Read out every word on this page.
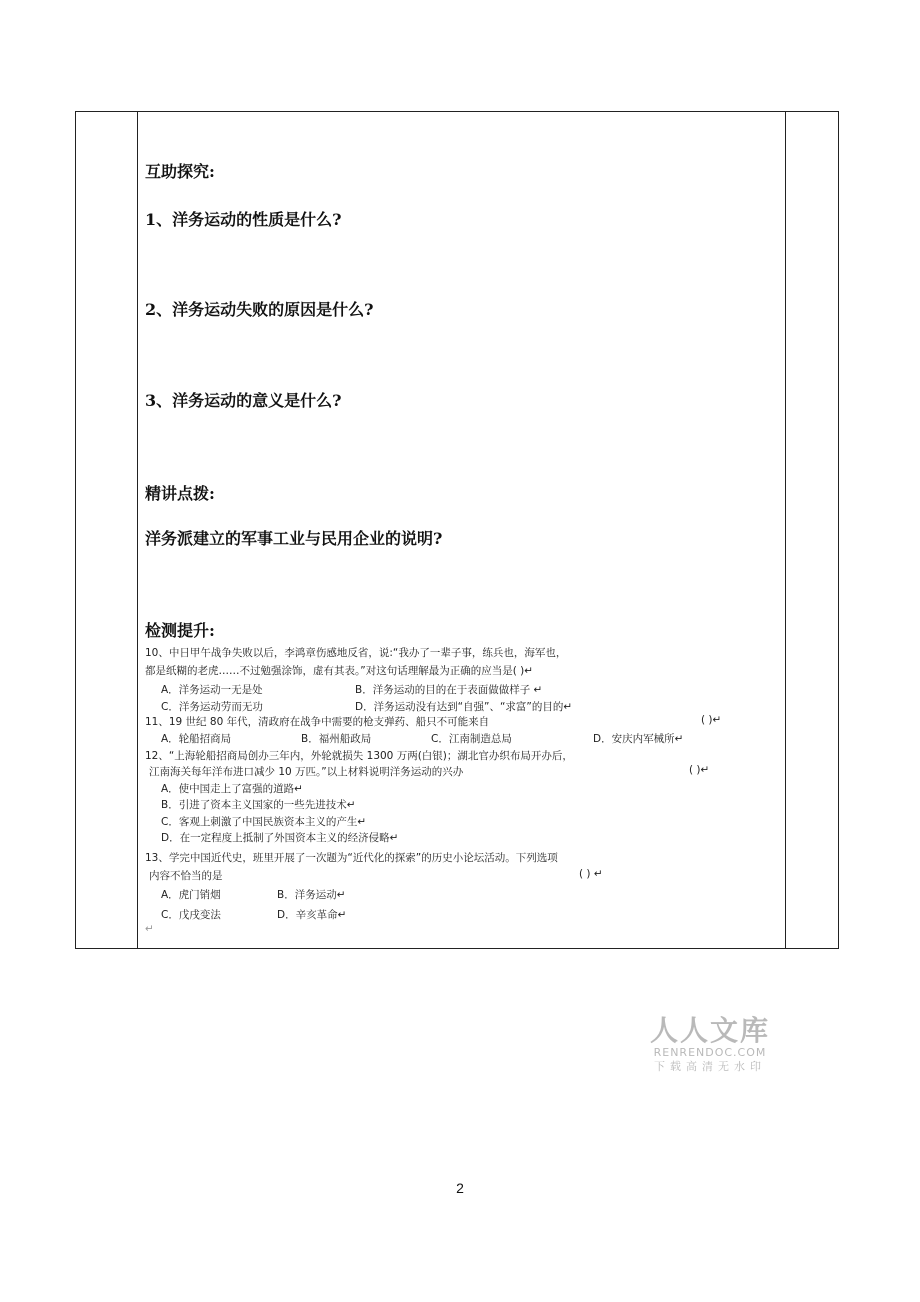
互助探究:
1、洋务运动的性质是什么?
2、洋务运动失败的原因是什么?
3、洋务运动的意义是什么?
精讲点拨:
洋务派建立的军事工业与民用企业的说明?
检测提升:
10、中日甲午战争失败以后，李鸿章伤感地反省，说:“我办了一辈子事，练兵也，海军也，
都是纸糊的老虎……不过勉强涂饰，虚有其表。”对这句话理解最为正确的应当是( )↵
A．洋务运动一无是处	B．洋务运动的目的在于表面做做样子 ↵
C．洋务运动劳而无功	D．洋务运动没有达到“自强”、“求富”的目的↵
11、19 世纪 80 年代，清政府在战争中需要的枪支弹药、船只不可能来自	( )↵
A．轮船招商局	B．福州船政局	C．江南制造总局	D．安庆内军械所↵
12、“上海轮船招商局创办三年内，外轮就损失 1300 万两(白银)；湖北官办织布局开办后，
江南海关每年洋布进口减少 10 万匹。”以上材料说明洋务运动的兴办	( )↵
A．使中国走上了富强的道路↵
B．引进了资本主义国家的一些先进技术↵
C．客观上刺激了中国民族资本主义的产生↵
D．在一定程度上抵制了外国资本主义的经济侵略↵
13、学完中国近代史，班里开展了一次题为“近代化的探索”的历史小论坛活动。下列选项
内容不恰当的是	( ) ↵
A．虎门销烟	B．洋务运动↵
C．戊戌变法	D．辛亥革命↵
↵
人人文库
RENRENDOC.COM
下载高清无水印
2
